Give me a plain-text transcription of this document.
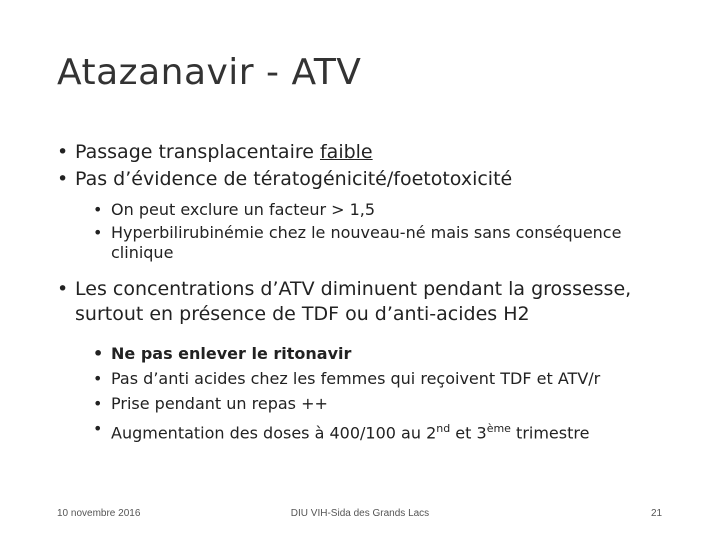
Atazanavir - ATV

• Passage transplacentaire faible

• Pas d’évidence de tératogénicité/foetotoxicité

• On peut exclure un facteur > 1,5

• Hyperbilirubinémie chez le nouveau-né mais sans conséquence clinique

• Les concentrations d’ATV diminuent pendant la grossesse, surtout en présence de TDF ou d’anti-acides H2

• Ne pas enlever le ritonavir

• Pas d’anti acides chez les femmes qui reçoivent TDF et ATV/r

• Prise pendant un repas ++

• Augmentation des doses à 400/100 au 2nd et 3ème trimestre

10 novembre 2016	DIU VIH-Sida des Grands Lacs	21
